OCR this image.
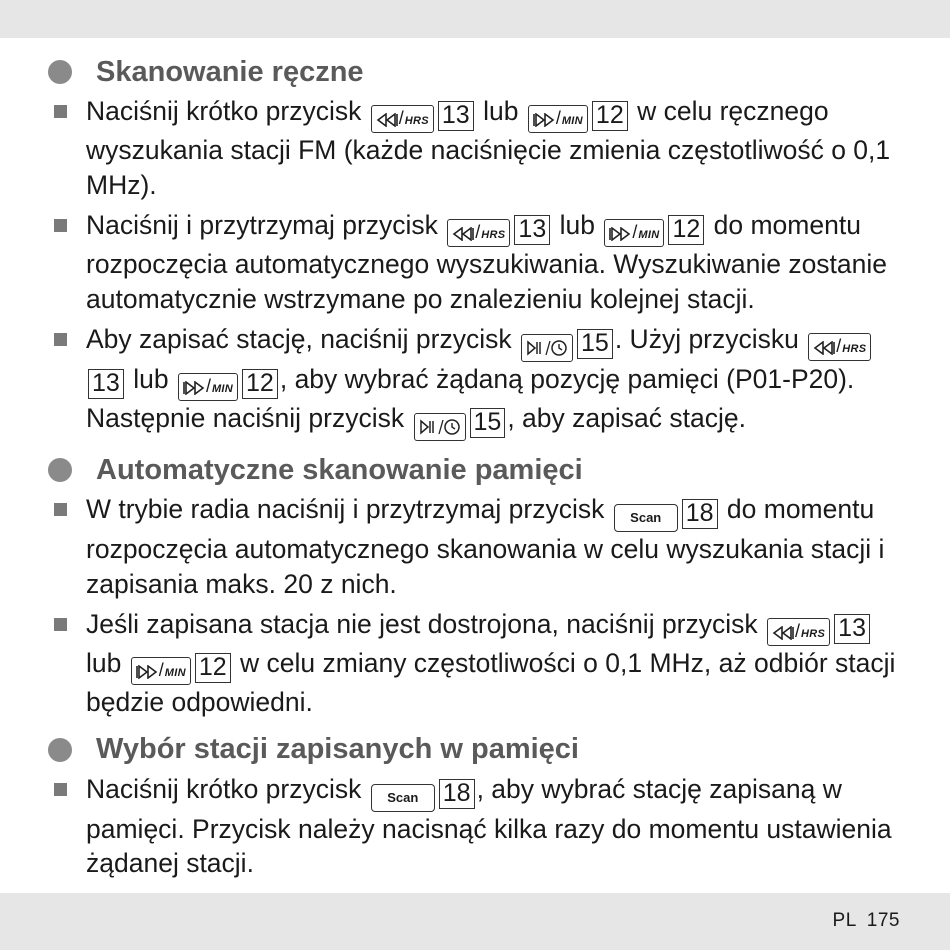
Skanowanie ręczne
Naciśnij krótko przycisk /HRS 13 lub /MIN 12 w celu ręcznego wyszukania stacji FM (każde naciśnięcie zmienia częstotliwość o 0,1 MHz).
Naciśnij i przytrzymaj przycisk /HRS 13 lub /MIN 12 do momentu rozpoczęcia automatycznego wyszukiwania. Wyszukiwanie zostanie automatycznie wstrzymane po znalezieniu kolejnej stacji.
Aby zapisać stację, naciśnij przycisk	15 . Użyj przycisku /HRS13 lub /MIN 12 , aby wybrać żądaną pozycję pamięci (P01-P20). Następnie naciśnij przycisk	15 , aby zapisać stację.
Automatyczne skanowanie pamięci
W trybie radia naciśnij i przytrzymaj przycisk Scan 18 do momentu rozpoczęcia automatycznego skanowania w celu wyszukania stacji i zapisania maks. 20 z nich.
Jeśli zapisana stacja nie jest dostrojona, naciśnij przycisk /HRS 13 lub /MIN 12 w celu zmiany częstotliwości o 0,1 MHz, aż odbiór stacji będzie odpowiedni.
Wybór stacji zapisanych w pamięci
Naciśnij krótko przycisk Scan 18 , aby wybrać stację zapisaną w pamięci. Przycisk należy nacisnąć kilka razy do momentu ustawienia żądanej stacji.
PL 175
